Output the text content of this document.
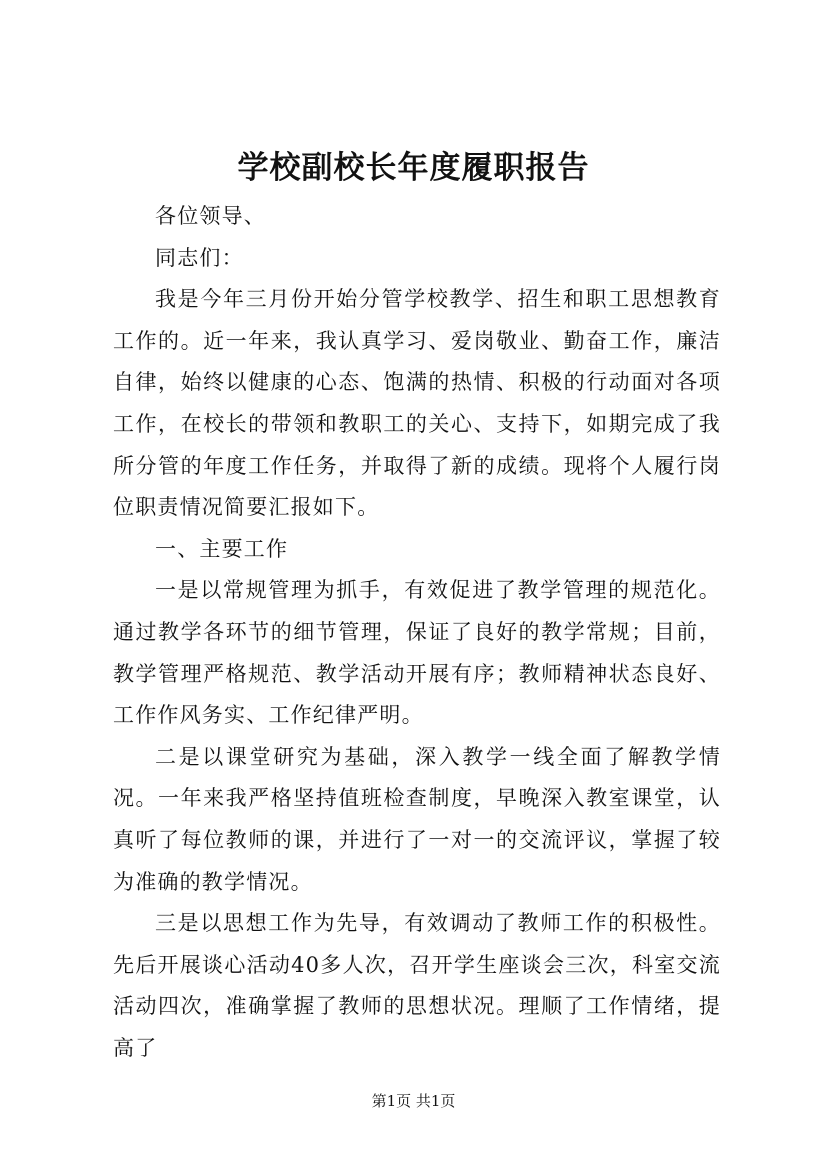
学校副校长年度履职报告

各位领导、

同志们：

我是今年三月份开始分管学校教学、招生和职工思想教育工作的。近一年来，我认真学习、爱岗敬业、勤奋工作，廉洁自律，始终以健康的心态、饱满的热情、积极的行动面对各项工作，在校长的带领和教职工的关心、支持下，如期完成了我所分管的年度工作任务，并取得了新的成绩。现将个人履行岗位职责情况简要汇报如下。

一、主要工作

一是以常规管理为抓手，有效促进了教学管理的规范化。通过教学各环节的细节管理，保证了良好的教学常规；目前，教学管理严格规范、教学活动开展有序；教师精神状态良好、工作作风务实、工作纪律严明。

二是以课堂研究为基础，深入教学一线全面了解教学情况。一年来我严格坚持值班检查制度，早晚深入教室课堂，认真听了每位教师的课，并进行了一对一的交流评议，掌握了较为准确的教学情况。

三是以思想工作为先导，有效调动了教师工作的积极性。先后开展谈心活动40多人次，召开学生座谈会三次，科室交流活动四次，准确掌握了教师的思想状况。理顺了工作情绪，提高了

第1页 共1页
